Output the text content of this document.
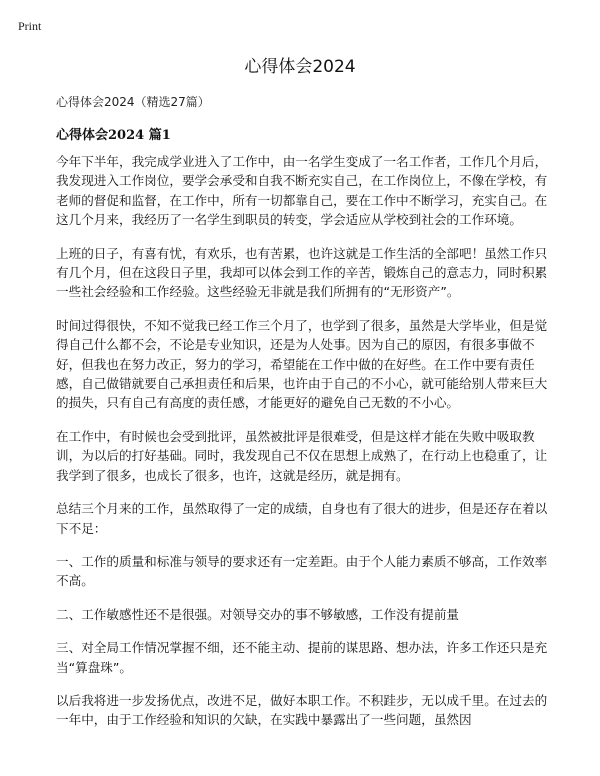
Print
心得体会2024
心得体会2024（精选27篇）
心得体会2024 篇1

今年下半年，我完成学业进入了工作中，由一名学生变成了一名工作者，工作几个月后，我发现进入工作岗位，要学会承受和自我不断充实自己，在工作岗位上，不像在学校，有老师的督促和监督，在工作中，所有一切都靠自己，要在工作中不断学习，充实自己。在这几个月来，我经历了一名学生到职员的转变，学会适应从学校到社会的工作环境。

上班的日子，有喜有忧，有欢乐，也有苦累，也许这就是工作生活的全部吧！虽然工作只有几个月，但在这段日子里，我却可以体会到工作的辛苦，锻炼自己的意志力，同时积累一些社会经验和工作经验。这些经验无非就是我们所拥有的“无形资产”。

时间过得很快，不知不觉我已经工作三个月了，也学到了很多，虽然是大学毕业，但是觉得自己什么都不会，不论是专业知识，还是为人处事。因为自己的原因，有很多事做不好，但我也在努力改正，努力的学习，希望能在工作中做的在好些。在工作中要有责任感，自己做错就要自己承担责任和后果，也许由于自己的不小心，就可能给别人带来巨大的损失，只有自己有高度的责任感，才能更好的避免自己无数的不小心。

在工作中，有时候也会受到批评，虽然被批评是很难受，但是这样才能在失败中吸取教训，为以后的打好基础。同时，我发现自己不仅在思想上成熟了，在行动上也稳重了，让我学到了很多，也成长了很多，也许，这就是经历，就是拥有。

总结三个月来的工作，虽然取得了一定的成绩，自身也有了很大的进步，但是还存在着以下不足：

一、工作的质量和标准与领导的要求还有一定差距。由于个人能力素质不够高，工作效率不高。

二、工作敏感性还不是很强。对领导交办的事不够敏感，工作没有提前量

三、对全局工作情况掌握不细，还不能主动、提前的谋思路、想办法，许多工作还只是充当“算盘珠”。

以后我将进一步发扬优点，改进不足，做好本职工作。不积跬步，无以成千里。在过去的一年中，由于工作经验和知识的欠缺，在实践中暴露出了一些问题，虽然因
